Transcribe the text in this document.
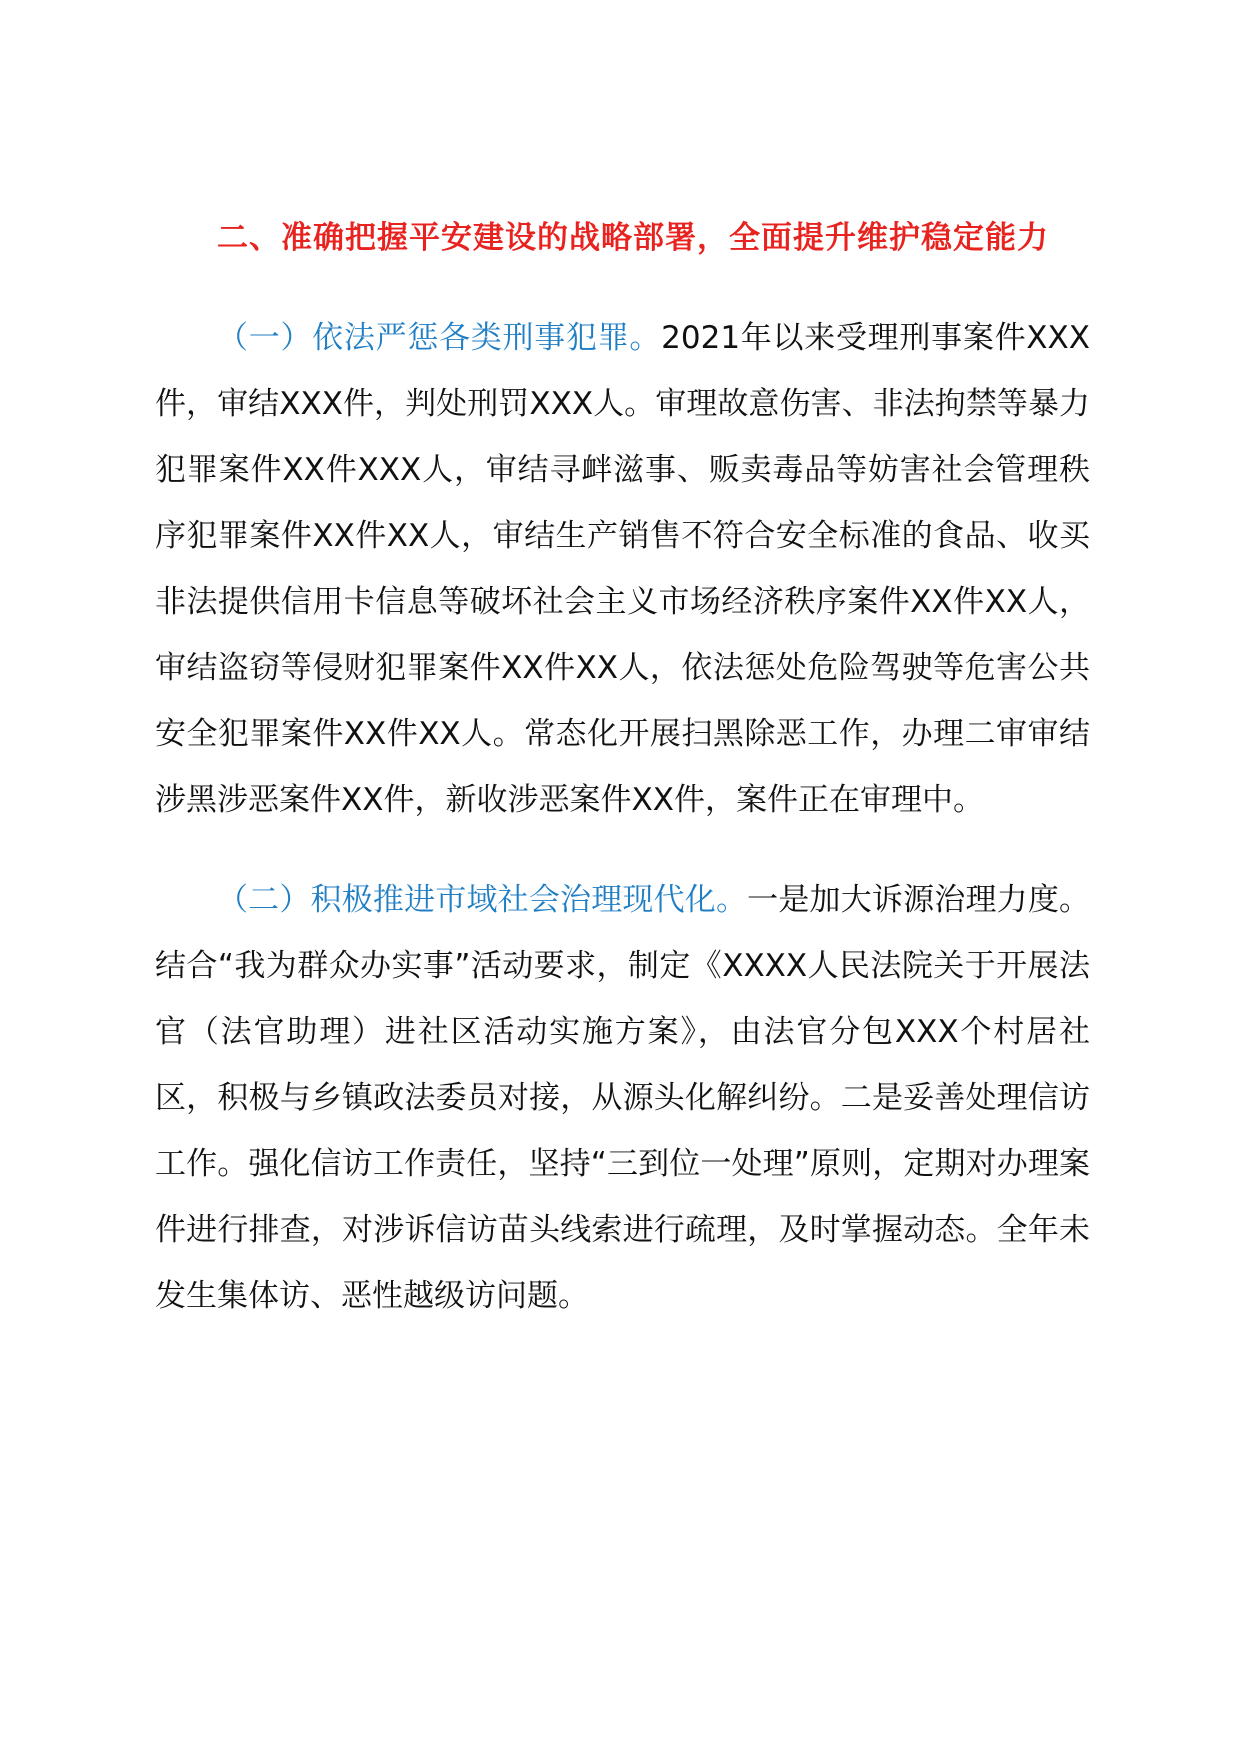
二、准确把握平安建设的战略部署，全面提升维护稳定能力

（一）依法严惩各类刑事犯罪。2021年以来受理刑事案件XXX件，审结XXX件，判处刑罚XXX人。审理故意伤害、非法拘禁等暴力犯罪案件XX件XXX人，审结寻衅滋事、贩卖毒品等妨害社会管理秩序犯罪案件XX件XX人，审结生产销售不符合安全标准的食品、收买非法提供信用卡信息等破坏社会主义市场经济秩序案件XX件XX人，审结盗窃等侵财犯罪案件XX件XX人，依法惩处危险驾驶等危害公共安全犯罪案件XX件XX人。常态化开展扫黑除恶工作，办理二审审结涉黑涉恶案件XX件，新收涉恶案件XX件，案件正在审理中。

（二）积极推进市域社会治理现代化。一是加大诉源治理力度。结合“我为群众办实事”活动要求，制定《XXXX人民法院关于开展法官（法官助理）进社区活动实施方案》，由法官分包XXX个村居社区，积极与乡镇政法委员对接，从源头化解纠纷。二是妥善处理信访工作。强化信访工作责任，坚持“三到位一处理”原则，定期对办理案件进行排查，对涉诉信访苗头线索进行疏理，及时掌握动态。全年未发生集体访、恶性越级访问题。
